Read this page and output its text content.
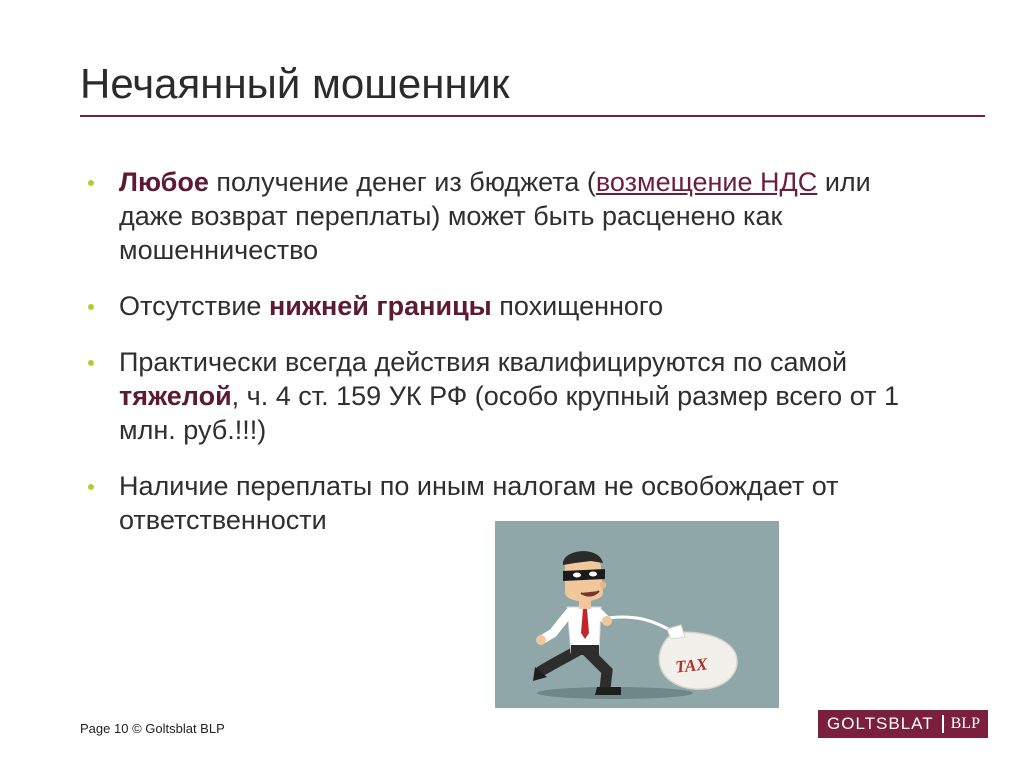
Нечаянный мошенник
Любое получение денег из бюджета (возмещение НДС или даже возврат переплаты) может быть расценено как мошенничество
Отсутствие нижней границы похищенного
Практически всегда действия квалифицируются по самой тяжелой, ч. 4 ст. 159 УК РФ (особо крупный размер всего от 1 млн. руб.!!!)
Наличие переплаты по иным налогам не освобождает от ответственности
TAX
Page 10 © Goltsblat BLP	GOLTSBLAT	BLP
